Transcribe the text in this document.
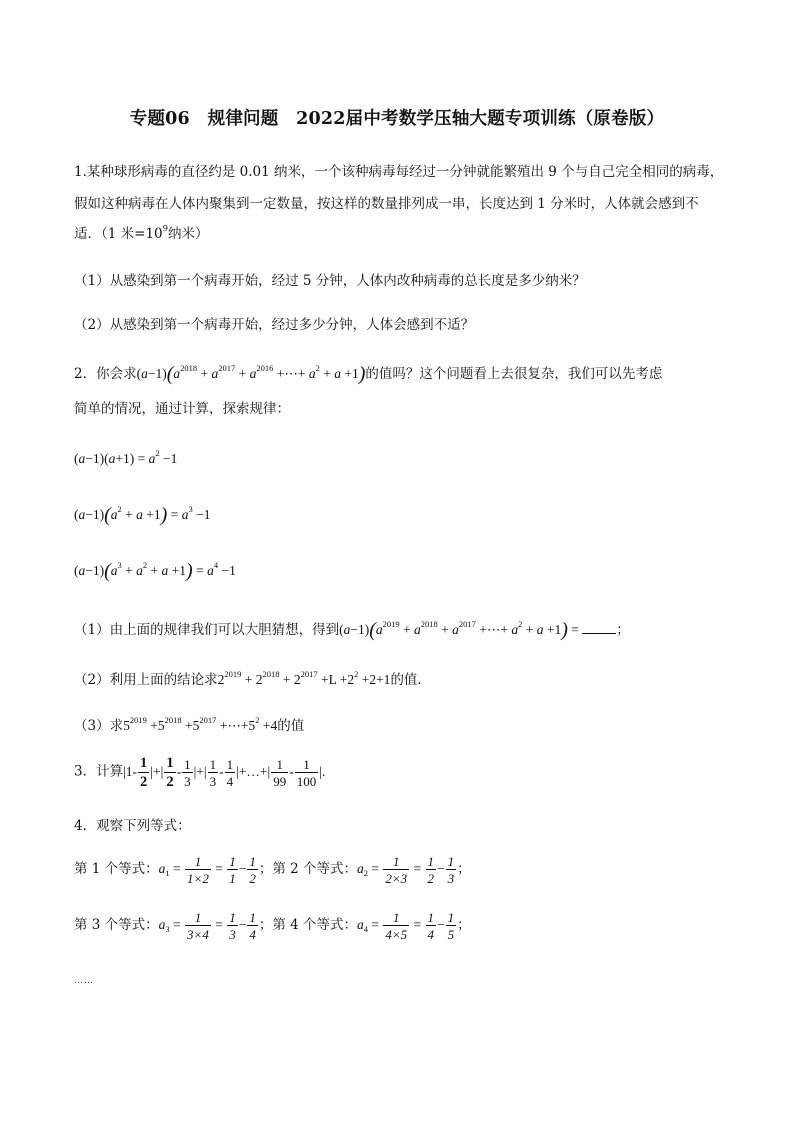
专题06　规律问题　2022届中考数学压轴大题专项训练（原卷版）
1.某种球形病毒的直径约是 0.01 纳米，一个该种病毒每经过一分钟就能繁殖出 9 个与自己完全相同的病毒，
假如这种病毒在人体内聚集到一定数量，按这样的数量排列成一串，长度达到 1 分米时，人体就会感到不
适．（1 米$=10^9$纳米）
（1）从感染到第一个病毒开始，经过 5 分钟，人体内改种病毒的总长度是多少纳米？
（2）从感染到第一个病毒开始，经过多少分钟，人体会感到不适？
2．你会求$(a-1)(a^{2018} + a^{2017} + a^{2016}$ +⋯+ $a^2 + a +1$)的值吗？这个问题看上去很复杂，我们可以先考虑
简单的情况，通过计算，探索规律：
$(a-1)(a+1) = a^2 -1$
$(a-1)(a^2 + a +1) = a^3 -1$
$(a-1)(a^3 + a^2 + a +1) = a^4 -1$
（1）由上面的规律我们可以大胆猜想，得到$(a-1)(a^{2019} + a^{2018} + a^{2017}$ +⋯+ $a^2 + a +1$) =	；
（2）利用上面的结论求$2^{2019} + 2^{2018} + 2^{2017} +L +2^2 +2+1$的值．
（3）求$5^{2019} +5^{2018} +5^{2017}$ $+\cdots+5^2 +4$的值
3．计算$|1- \frac{1}{2}$ |+| $\frac{1}{2} - \frac{1}{3}$ |+| $\frac{1}{3} - \frac{1}{4}$ |+…+| $\frac{1}{99} - \frac{1}{100}$ |.
4．观察下列等式：
第 1 个等式：$a_1 = \frac{1}{1\times 2} = \frac{1}{1} - \frac{1}{2}$ ；第 2 个等式：$a_2 = \frac{1}{2\times 3} = \frac{1}{2} - \frac{1}{3}$ ；
第 3 个等式：$a_3 = \frac{1}{3\times 4} = \frac{1}{3} - \frac{1}{4}$ ；第 4 个等式：$a_4 = \frac{1}{4\times 5} = \frac{1}{4} - \frac{1}{5}$ ；
……
